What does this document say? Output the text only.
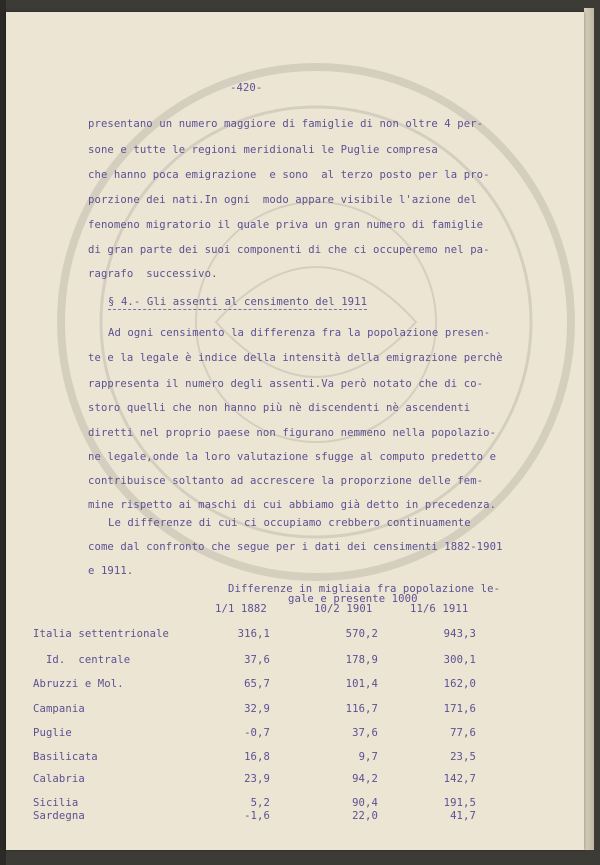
-420-
presentano un numero maggiore di famiglie di non oltre 4 per-
sone e tutte le regioni meridionali le Puglie compresa
che hanno poca emigrazione  e sono  al terzo posto per la pro-
porzione dei nati.In ogni  modo appare visibile l'azione del
fenomeno migratorio il quale priva un gran numero di famiglie
di gran parte dei suoi componenti di che ci occuperemo nel pa-
ragrafo  successivo.
§ 4.- Gli assenti al censimento del 1911
Ad ogni censimento la differenza fra la popolazione presen-
te e la legale è indice della intensità della emigrazione perchè
rappresenta il numero degli assenti.Va però notato che di co-
storo quelli che non hanno più nè discendenti nè ascendenti
diretti nel proprio paese non figurano nemmeno nella popolazio-
ne legale,onde la loro valutazione sfugge al computo predetto e
contribuisce soltanto ad accrescere la proporzione delle fem-
mine rispetto ai maschi di cui abbiamo già detto in precedenza.
Le differenze di cui ci occupiamo crebbero continuamente
come dal confronto che segue per i dati dei censimenti 1882-1901
e 1911.
Differenze in migliaia fra popolazione le-
gale e presente 1000
1/1 1882	10/2 1901	11/6 1911
Italia settentrionale	316,1	570,2	943,3
Id.  centrale	37,6	178,9	300,1
Abruzzi e Mol.	65,7	101,4	162,0
Campania	32,9	116,7	171,6
Puglie	-0,7	37,6	77,6
Basilicata	16,8	9,7	23,5
Calabria	23,9	94,2	142,7
Sicilia	5,2	90,4	191,5
Sardegna	-1,6	22,0	41,7
